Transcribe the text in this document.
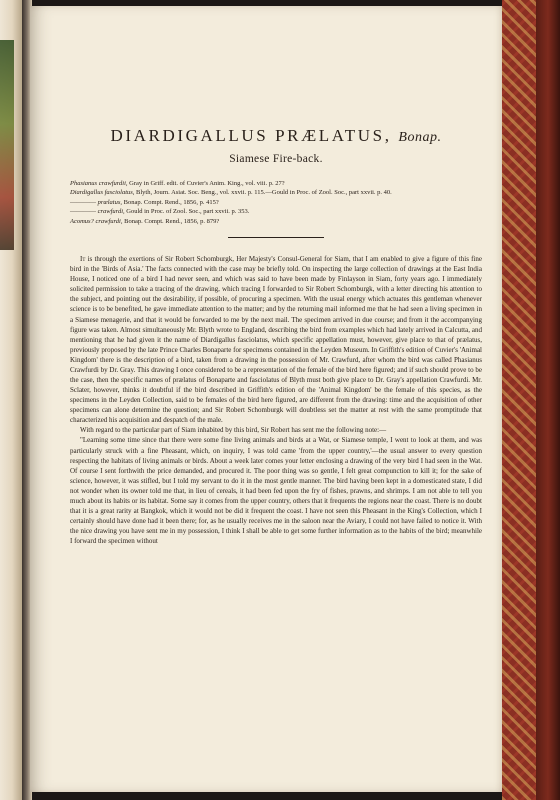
DIARDIGALLUS PRÆLATUS, Bonap.
Siamese Fire-back.
Phasianus crawfurdii, Gray in Griff. edit. of Cuvier's Anim. King., vol. viii. p. 27?
Diardigallus fasciolatus, Blyth, Journ. Asiat. Soc. Beng., vol. xxvii. p. 115.—Gould in Proc. of Zool. Soc., part xxvii. p. 40.
———— prælatus, Bonap. Compt. Rend., 1856, p. 415?
———— crawfurdi, Gould in Proc. of Zool. Soc., part xxvii. p. 353.
Acomus? crawfurdi, Bonap. Compt. Rend., 1856, p. 879?

It is through the exertions of Sir Robert Schomburgk, Her Majesty's Consul-General for Siam, that I am enabled to give a figure of this fine bird in the 'Birds of Asia.' The facts connected with the case may be briefly told. On inspecting the large collection of drawings at the East India House, I noticed one of a bird I had never seen, and which was said to have been made by Finlayson in Siam, forty years ago. I immediately solicited permission to take a tracing of the drawing, which tracing I forwarded to Sir Robert Schomburgk, with a letter directing his attention to the subject, and pointing out the desirability, if possible, of procuring a specimen. With the usual energy which actuates this gentleman whenever science is to be benefited, he gave immediate attention to the matter; and by the returning mail informed me that he had seen a living specimen in a Siamese menagerie, and that it would be forwarded to me by the next mail. The specimen arrived in due course; and from it the accompanying figure was taken. Almost simultaneously Mr. Blyth wrote to England, describing the bird from examples which had lately arrived in Calcutta, and mentioning that he had given it the name of Diardigallus fasciolatus, which specific appellation must, however, give place to that of prælatus, previously proposed by the late Prince Charles Bonaparte for specimens contained in the Leyden Museum. In Griffith's edition of Cuvier's 'Animal Kingdom' there is the description of a bird, taken from a drawing in the possession of Mr. Crawfurd, after whom the bird was called Phasianus Crawfurdi by Dr. Gray. This drawing I once considered to be a representation of the female of the bird here figured; and if such should prove to be the case, then the specific names of prælatus of Bonaparte and fasciolatus of Blyth must both give place to Dr. Gray's appellation Crawfurdi. Mr. Sclater, however, thinks it doubtful if the bird described in Griffith's edition of the 'Animal Kingdom' be the female of this species, as the specimens in the Leyden Collection, said to be females of the bird here figured, are different from the drawing: time and the acquisition of other specimens can alone determine the question; and Sir Robert Schomburgk will doubtless set the matter at rest with the same promptitude that characterized his acquisition and despatch of the male.

With regard to the particular part of Siam inhabited by this bird, Sir Robert has sent me the following note:—

"Learning some time since that there were some fine living animals and birds at a Wat, or Siamese temple, I went to look at them, and was particularly struck with a fine Pheasant, which, on inquiry, I was told came 'from the upper country,'—the usual answer to every question respecting the habitats of living animals or birds. About a week later comes your letter enclosing a drawing of the very bird I had seen in the Wat. Of course I sent forthwith the price demanded, and procured it. The poor thing was so gentle, I felt great compunction to kill it; for the sake of science, however, it was stifled, but I told my servant to do it in the most gentle manner. The bird having been kept in a domesticated state, I did not wonder when its owner told me that, in lieu of cereals, it had been fed upon the fry of fishes, prawns, and shrimps. I am not able to tell you much about its habits or its habitat. Some say it comes from the upper country, others that it frequents the regions near the coast. There is no doubt that it is a great rarity at Bangkok, which it would not be did it frequent the coast. I have not seen this Pheasant in the King's Collection, which I certainly should have done had it been there; for, as he usually receives me in the saloon near the Aviary, I could not have failed to notice it. With the nice drawing you have sent me in my possession, I think I shall be able to get some further information as to the habits of the bird; meanwhile I forward the specimen without
